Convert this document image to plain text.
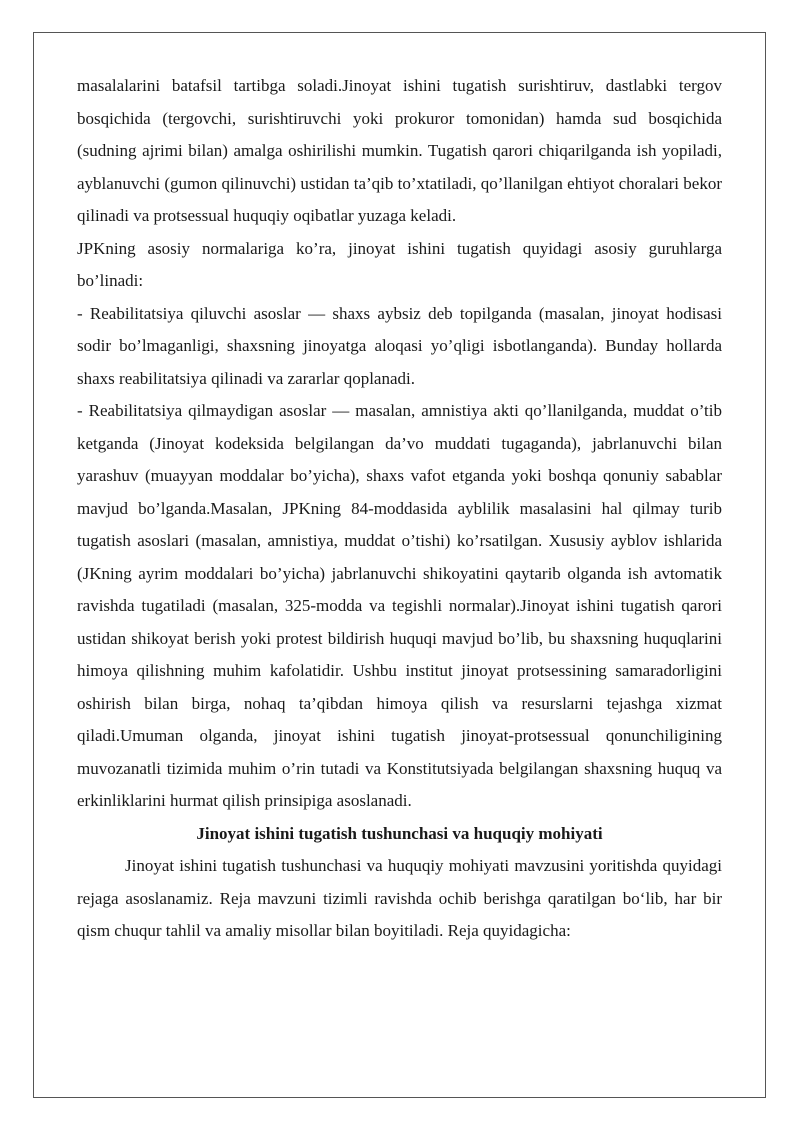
masalalarini batafsil tartibga soladi.Jinoyat ishini tugatish surishtiruv, dastlabki tergov bosqichida (tergovchi, surishtiruvchi yoki prokuror tomonidan) hamda sud bosqichida (sudning ajrimi bilan) amalga oshirilishi mumkin. Tugatish qarori chiqarilganda ish yopiladi, ayblanuvchi (gumon qilinuvchi) ustidan ta’qib to’xtatiladi, qo’llanilgan ehtiyot choralari bekor qilinadi va protsessual huquqiy oqibatlar yuzaga keladi.

JPKning asosiy normalariga ko’ra, jinoyat ishini tugatish quyidagi asosiy guruhlarga bo’linadi:

- Reabilitatsiya qiluvchi asoslar — shaxs aybsiz deb topilganda (masalan, jinoyat hodisasi sodir bo’lmaganligi, shaxsning jinoyatga aloqasi yo’qligi isbotlanganda). Bunday hollarda shaxs reabilitatsiya qilinadi va zararlar qoplanadi.

- Reabilitatsiya qilmaydigan asoslar — masalan, amnistiya akti qo’llanilganda, muddat o’tib ketganda (Jinoyat kodeksida belgilangan da’vo muddati tugaganda), jabrlanuvchi bilan yarashuv (muayyan moddalar bo’yicha), shaxs vafot etganda yoki boshqa qonuniy sabablar mavjud bo’lganda.Masalan, JPKning 84-moddasida ayblilik masalasini hal qilmay turib tugatish asoslari (masalan, amnistiya, muddat o’tishi) ko’rsatilgan. Xususiy ayblov ishlarida (JKning ayrim moddalari bo’yicha) jabrlanuvchi shikoyatini qaytarib olganda ish avtomatik ravishda tugatiladi (masalan, 325-modda va tegishli normalar).Jinoyat ishini tugatish qarori ustidan shikoyat berish yoki protest bildirish huquqi mavjud bo’lib, bu shaxsning huquqlarini himoya qilishning muhim kafolatidir. Ushbu institut jinoyat protsessining samaradorligini oshirish bilan birga, nohaq ta’qibdan himoya qilish va resurslarni tejashga xizmat qiladi.Umuman olganda, jinoyat ishini tugatish jinoyat-protsessual qonunchiligining muvozanatli tizimida muhim o’rin tutadi va Konstitutsiyada belgilangan shaxsning huquq va erkinliklarini hurmat qilish prinsipiga asoslanadi.

Jinoyat ishini tugatish tushunchasi va huquqiy mohiyati

Jinoyat ishini tugatish tushunchasi va huquqiy mohiyati mavzusini yoritishda quyidagi rejaga asoslanamiz. Reja mavzuni tizimli ravishda ochib berishga qaratilgan bo‘lib, har bir qism chuqur tahlil va amaliy misollar bilan boyitiladi. Reja quyidagicha:
